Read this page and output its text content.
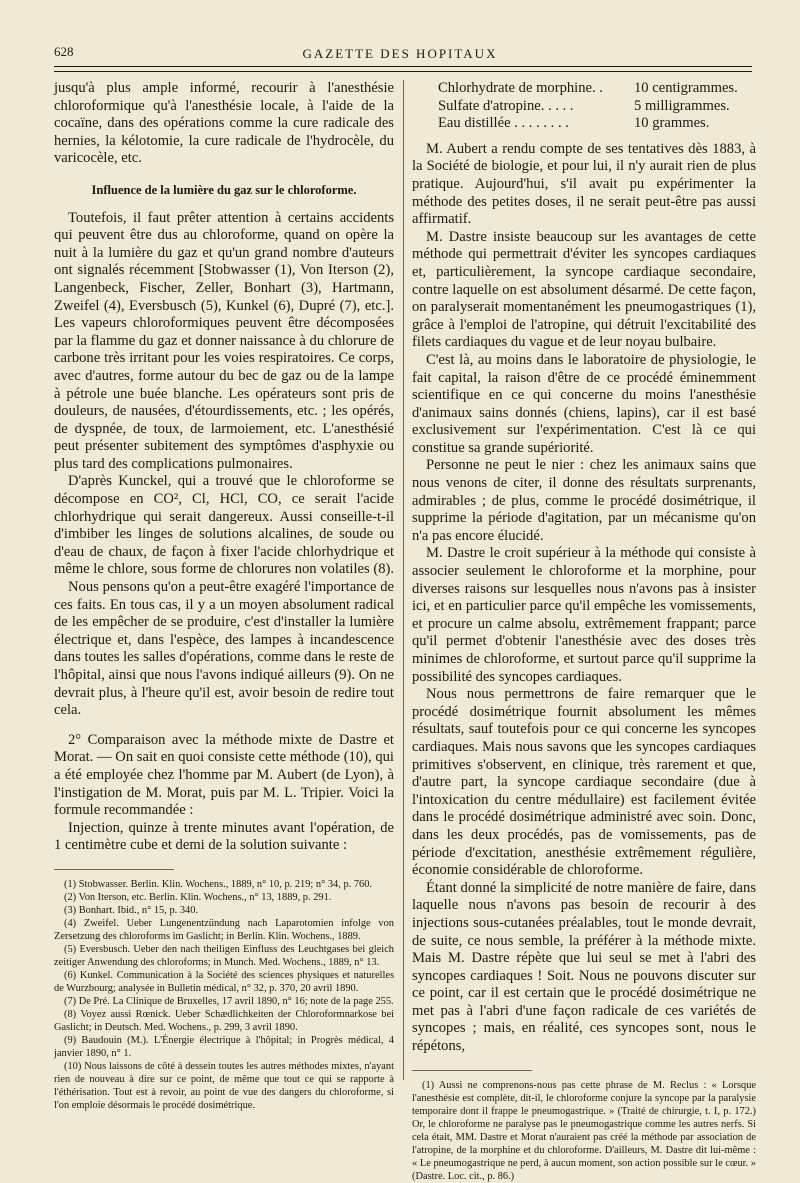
628	GAZETTE DES HOPITAUX

jusqu'à plus ample informé, recourir à l'anesthésie chloroformique qu'à l'anesthésie locale, à l'aide de la cocaïne, dans des opérations comme la cure radicale des hernies, la kélotomie, la cure radicale de l'hydrocèle, du varicocèle, etc.

Influence de la lumière du gaz sur le chloroforme.

Toutefois, il faut prêter attention à certains accidents qui peuvent être dus au chloroforme, quand on opère la nuit à la lumière du gaz et qu'un grand nombre d'auteurs ont signalés récemment [Stobwasser (1), Von Iterson (2), Langenbeck, Fischer, Zeller, Bonhart (3), Hartmann, Zweifel (4), Eversbusch (5), Kunkel (6), Dupré (7), etc.]. Les vapeurs chloroformiques peuvent être décomposées par la flamme du gaz et donner naissance à du chlorure de carbone très irritant pour les voies respiratoires. Ce corps, avec d'autres, forme autour du bec de gaz ou de la lampe à pétrole une buée blanche. Les opérateurs sont pris de douleurs, de nausées, d'étourdissements, etc. ; les opérés, de dyspnée, de toux, de larmoiement, etc. L'anesthésié peut présenter subitement des symptômes d'asphyxie ou plus tard des complications pulmonaires.

D'après Kunckel, qui a trouvé que le chloroforme se décompose en CO², Cl, HCl, CO, ce serait l'acide chlorhydrique qui serait dangereux. Aussi conseille-t-il d'imbiber les linges de solutions alcalines, de soude ou d'eau de chaux, de façon à fixer l'acide chlorhydrique et même le chlore, sous forme de chlorures non volatiles (8).

Nous pensons qu'on a peut-être exagéré l'importance de ces faits. En tous cas, il y a un moyen absolument radical de les empêcher de se produire, c'est d'installer la lumière électrique et, dans l'espèce, des lampes à incandescence dans toutes les salles d'opérations, comme dans le reste de l'hôpital, ainsi que nous l'avons indiqué ailleurs (9). On ne devrait plus, à l'heure qu'il est, avoir besoin de redire tout cela.

2° Comparaison avec la méthode mixte de Dastre et Morat. — On sait en quoi consiste cette méthode (10), qui a été employée chez l'homme par M. Aubert (de Lyon), à l'instigation de M. Morat, puis par M. L. Tripier. Voici la formule recommandée :

Injection, quinze à trente minutes avant l'opération, de 1 centimètre cube et demi de la solution suivante :

(1) Stobwasser. Berlin. Klin. Wochens., 1889, n° 10, p. 219; n° 34, p. 760.

(2) Von Iterson, etc. Berlin. Klin. Wochens., n° 13, 1889, p. 291.

(3) Bonhart. Ibid., n° 15, p. 340.

(4) Zweifel. Ueber Lungenentzündung nach Laparotomien infolge von Zersetzung des chloroforms im Gaslicht; in Berlin. Klin. Wochens., 1889.

(5) Eversbusch. Ueber den nach theiligen Einfluss des Leuchtgases bei gleich zeitiger Anwendung des chloroforms; in Munch. Med. Wochens., 1889, n° 13.

(6) Kunkel. Communication à la Société des sciences physiques et naturelles de Wurzbourg; analysée in Bulletin médical, n° 32, p. 370, 20 avril 1890.

(7) De Pré. La Clinique de Bruxelles, 17 avril 1890, n° 16; note de la page 255.

(8) Voyez aussi Rœnick. Ueber Schædlichkeiten der Chloroformnarkose bei Gaslicht; in Deutsch. Med. Wochens., p. 299, 3 avril 1890.

(9) Baudouin (M.). L'Énergie électrique à l'hôpital; in Progrès médical, 4 janvier 1890, n° 1.

(10) Nous laissons de côté à dessein toutes les autres méthodes mixtes, n'ayant rien de nouveau à dire sur ce point, de même que tout ce qui se rapporte à l'éthérisation. Tout est à revoir, au point de vue des dangers du chloroforme, si l'on emploie désormais le procédé dosimétrique.

Chlorhydrate de morphine. .	10 centigrammes.
Sulfate d'atropine. . . . .	5 milligrammes.
Eau distillée . . . . . . . .	10 grammes.

M. Aubert a rendu compte de ses tentatives dès 1883, à la Société de biologie, et pour lui, il n'y aurait rien de plus pratique. Aujourd'hui, s'il avait pu expérimenter la méthode des petites doses, il ne serait peut-être pas aussi affirmatif.

M. Dastre insiste beaucoup sur les avantages de cette méthode qui permettrait d'éviter les syncopes cardiaques et, particulièrement, la syncope cardiaque secondaire, contre laquelle on est absolument désarmé. De cette façon, on paralyserait momentanément les pneumogastriques (1), grâce à l'emploi de l'atropine, qui détruit l'excitabilité des filets cardiaques du vague et de leur noyau bulbaire.

C'est là, au moins dans le laboratoire de physiologie, le fait capital, la raison d'être de ce procédé éminemment scientifique en ce qui concerne du moins l'anesthésie d'animaux sains donnés (chiens, lapins), car il est basé exclusivement sur l'expérimentation. C'est là ce qui constitue sa grande supériorité.

Personne ne peut le nier : chez les animaux sains que nous venons de citer, il donne des résultats surprenants, admirables ; de plus, comme le procédé dosimétrique, il supprime la période d'agitation, par un mécanisme qu'on n'a pas encore élucidé.

M. Dastre le croit supérieur à la méthode qui consiste à associer seulement le chloroforme et la morphine, pour diverses raisons sur lesquelles nous n'avons pas à insister ici, et en particulier parce qu'il empêche les vomissements, et procure un calme absolu, extrêmement frappant; parce qu'il permet d'obtenir l'anesthésie avec des doses très minimes de chloroforme, et surtout parce qu'il supprime la possibilité des syncopes cardiaques.

Nous nous permettrons de faire remarquer que le procédé dosimétrique fournit absolument les mêmes résultats, sauf toutefois pour ce qui concerne les syncopes cardiaques. Mais nous savons que les syncopes cardiaques primitives s'observent, en clinique, très rarement et que, d'autre part, la syncope cardiaque secondaire (due à l'intoxication du centre médullaire) est facilement évitée dans le procédé dosimétrique administré avec soin. Donc, dans les deux procédés, pas de vomissements, pas de période d'excitation, anesthésie extrêmement régulière, économie considérable de chloroforme.

Étant donné la simplicité de notre manière de faire, dans laquelle nous n'avons pas besoin de recourir à des injections sous-cutanées préalables, tout le monde devrait, de suite, ce nous semble, la préférer à la méthode mixte. Mais M. Dastre répète que lui seul se met à l'abri des syncopes cardiaques ! Soit. Nous ne pouvons discuter sur ce point, car il est certain que le procédé dosimétrique ne met pas à l'abri d'une façon radicale de ces variétés de syncopes ; mais, en réalité, ces syncopes sont, nous le répétons,

(1) Aussi ne comprenons-nous pas cette phrase de M. Reclus : « Lorsque l'anesthésie est complète, dit-il, le chloroforme conjure la syncope par la paralysie temporaire dont il frappe le pneumogastrique. » (Traité de chirurgie, t. I, p. 172.) Or, le chloroforme ne paralyse pas le pneumogastrique comme les autres nerfs. Si cela était, MM. Dastre et Morat n'auraient pas créé la méthode par association de l'atropine, de la morphine et du chloroforme. D'ailleurs, M. Dastre dit lui-même : « Le pneumogastrique ne perd, à aucun moment, son action possible sur le cœur. » (Dastre. Loc. cit., p. 86.)
